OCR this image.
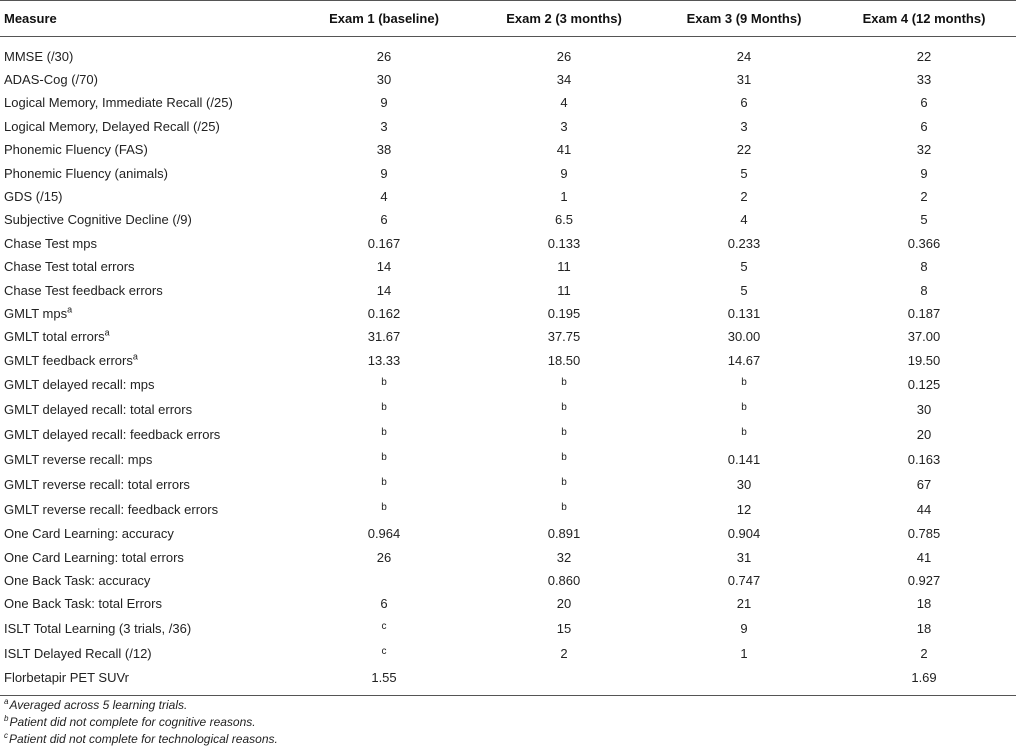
Measure	Exam 1 (baseline)	Exam 2 (3 months)	Exam 3 (9 Months)	Exam 4 (12 months)

MMSE (/30)	26	26	24	22
ADAS-Cog (/70)	30	34	31	33
Logical Memory, Immediate Recall (/25)	9	4	6	6
Logical Memory, Delayed Recall (/25)	3	3	3	6
Phonemic Fluency (FAS)	38	41	22	32
Phonemic Fluency (animals)	9	9	5	9
GDS (/15)	4	1	2	2
Subjective Cognitive Decline (/9)	6	6.5	4	5
Chase Test mps	0.167	0.133	0.233	0.366
Chase Test total errors	14	11	5	8
Chase Test feedback errors	14	11	5	8
GMLT mps$^a$	0.162	0.195	0.131	0.187
GMLT total errors$^a$	31.67	37.75	30.00	37.00
GMLT feedback errors$^a$	13.33	18.50	14.67	19.50
GMLT delayed recall: mps	b	b	b	0.125
GMLT delayed recall: total errors	b	b	b	30
GMLT delayed recall: feedback errors	b	b	b	20
GMLT reverse recall: mps	b	b	0.141	0.163
GMLT reverse recall: total errors	b	b	30	67
GMLT reverse recall: feedback errors	b	b	12	44
One Card Learning: accuracy	0.964	0.891	0.904	0.785
One Card Learning: total errors	26	32	31	41
One Back Task: accuracy		0.860	0.747	0.927
One Back Task: total Errors	6	20	21	18
ISLT Total Learning (3 trials, /36)	c	15	9	18
ISLT Delayed Recall (/12)	c	2	1	2
Florbetapir PET SUVr	1.55			1.69
$^a$Averaged across 5 learning trials.
$^b$Patient did not complete for cognitive reasons.
$^c$Patient did not complete for technological reasons.
